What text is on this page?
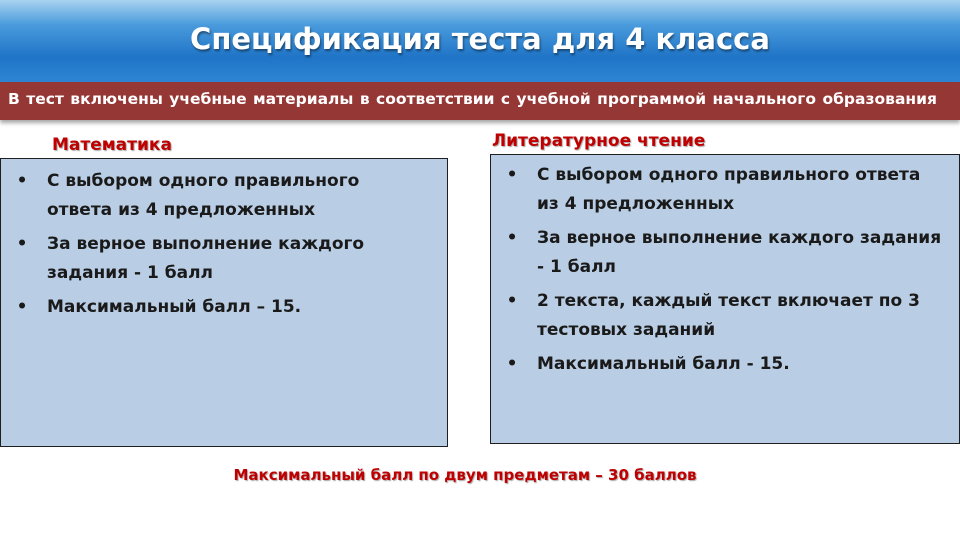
Спецификация теста для 4 класса
В тест включены учебные материалы в соответствии с учебной программой начального образования
Математика
• С выбором одного правильного ответа из 4 предложенных
• За верное выполнение каждого задания - 1 балл
• Максимальный балл – 15.
Литературное чтение
• С выбором одного правильного ответа из 4 предложенных
• За верное выполнение каждого задания - 1 балл
• 2 текста, каждый текст включает по 3 тестовых заданий
• Максимальный балл - 15.
Максимальный балл по двум предметам – 30 баллов
